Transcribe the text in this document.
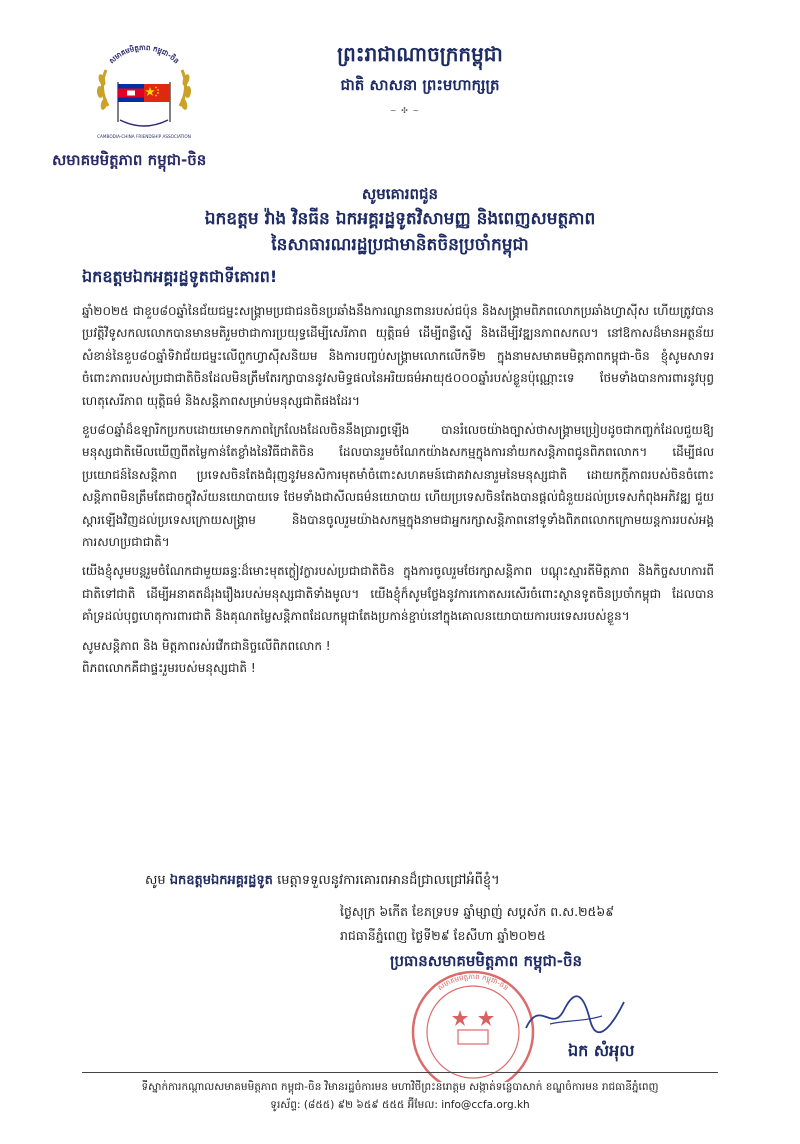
សមាគមមិត្តភាព កម្ពុជា-ចិន
CAMBODIA-CHINA FRIENDSHIP ASSOCIATION
សមាគមមិត្តភាព កម្ពុជា-ចិន
ព្រះរាជាណាចក្រកម្ពុជា
ជាតិ សាសនា ព្រះមហាក្សត្រ
~ ✣ ~
សូមគោរពជូន
ឯកឧត្តម វ៉ាង វិនធីន ឯកអគ្គរដ្ឋទូតវិសាមញ្ញ និងពេញសមត្ថភាព
នៃសាធារណរដ្ឋប្រជាមានិតចិនប្រចាំកម្ពុជា
ឯកឧត្តមឯកអគ្គរដ្ឋទូតជាទីគោរព!

ឆ្នាំ២០២៥ ជាខួប៨០ឆ្នាំនៃជ័យជម្នះសង្គ្រាមប្រជាជនចិនប្រឆាំងនឹងការឈ្លានពានរបស់ជប៉ុន និងសង្គ្រាមពិភពលោកប្រឆាំងហ្វាស៊ីស ហើយត្រូវបានប្រវត្តិវិទូសកលលោកបានមានមតិរួមថាជាការប្រយុទ្ធដើម្បីសេរីភាព យុត្តិធម៌ ដើម្បីពន្លឺស្នើ និងដើម្បីវឌ្ឍនភាពសកល។ នៅឱកាសដ៏មានអត្ថន័យសំខាន់នៃខួប៨០ឆ្នាំទិវាជ័យជម្នះលើពួកហ្វាស៊ីសនិយម និងការបញ្ចប់សង្គ្រាមលោកលើកទី២ ក្នុងនាមសមាគមមិត្តភាពកម្ពុជា-ចិន ខ្ញុំសូមសាទរចំពោះភាពរបស់ប្រជាជាតិចិនដែលមិនត្រឹមតែរក្សាបាននូវសមិទ្ធផលនៃអរិយធម៌អាយុ៥០០០ឆ្នាំរបស់ខ្លួនប៉ុណ្ណោះទេ ថែមទាំងបានការពារនូវបុព្វហេតុសេរីភាព យុត្តិធម៌ និងសន្តិភាពសម្រាប់មនុស្សជាតិផងដែរ។

ខួប៨០ឆ្នាំដ៏ឧឡារិកប្រកបដោយមោទកភាពក្រៃលែងដែលចិននឹងប្រារព្ធឡើង បានរំលេចយ៉ាងច្បាស់ថាសង្គ្រាមប្រៀបដូចជាកញ្ចក់ដែលជួយឱ្យមនុស្សជាតិមើលឃើញពីតម្លៃកាន់តែខ្លាំងនៃវិធីជាតិចិន ដែលបានរួមចំណែកយ៉ាងសកម្មក្នុងការនាំយកសន្តិភាពជូនពិភពលោក។ ដើម្បីផលប្រយោជន៍នៃសន្តិភាព ប្រទេសចិនតែងជំរុញនូវមនសិការមុតមាំចំពោះសហគមន៍ជោគវាសនារួមនៃមនុស្សជាតិ ដោយកក្ដីភាពរបស់ចិនចំពោះសន្តិភាពមិនត្រឹមតែជាចក្ខុវិស័យនយោបាយទេ ថែមទាំងជាសីលធម៌នយោបាយ ហើយប្រទេសចិនតែងបានផ្តល់ជំនួយដល់ប្រទេសកំពុងអភិវឌ្ឍ ជួយស្តារឡើងវិញដល់ប្រទេសក្រោយសង្គ្រាម និងបានចូលរួមយ៉ាងសកម្មក្នុងនាមជាអ្នករក្សាសន្តិភាពនៅទូទាំងពិភពលោកក្រោមយន្តការរបស់អង្គការសហប្រជាជាតិ។

យើងខ្ញុំសូមបន្តរួមចំណែកជាមួយឆន្ទៈដ៏មោះមុតក្លៀវក្លារបស់ប្រជាជាតិចិន ក្នុងការចូលរួមថែរក្សាសន្តិភាព បណ្តុះស្មារតីមិត្តភាព និងកិច្ចសហការពីជាតិទៅជាតិ ដើម្បីអនាគតដ៏រុងរឿងរបស់មនុស្សជាតិទាំងមូល។ យើងខ្ញុំក៏សូមថ្លែងនូវការកោតសរសើរចំពោះស្ថានទូតចិនប្រចាំកម្ពុជា ដែលបានគាំទ្រដល់បុព្វហេតុការពារជាតិ និងគុណតម្លៃសន្តិភាពដែលកម្ពុជាតែងប្រកាន់ខ្ជាប់នៅក្នុងគោលនយោបាយការបរទេសរបស់ខ្លួន។

សូមសន្តិភាព និង មិត្តភាពរស់រវើកជានិច្ចលើពិភពលោក !
ពិភពលោកគឺជាផ្ទះរួមរបស់មនុស្សជាតិ !

សូម ឯកឧត្តមឯកអគ្គរដ្ឋទូត មេត្តាទទួលនូវការគោរពអានដ៏ជ្រាលជ្រៅអំពីខ្ញុំ។
ថ្ងៃសុក្រ ៦កើត ខែភទ្របទ ឆ្នាំម្សាញ់ សប្តស័ក ព.ស.២៥៦៩
រាជធានីភ្នំពេញ ថ្ងៃទី២៩ ខែសីហា ឆ្នាំ២០២៥
សមាគមមិត្តភាព កម្ពុជា-ចិន
ប្រធានសមាគមមិត្តភាព កម្ពុជា-ចិន
ឯក សំអុល
ទីស្នាក់ការកណ្តាលសមាគមមិត្តភាព កម្ពុជា-ចិន វិមានរដ្ឋចំការមន មហាវិថីព្រះនរោត្តម សង្កាត់ទន្លេបាសាក់ ខណ្ឌចំការមន រាជធានីភ្នំពេញ
ទូរស័ព្ទ: (៨៥៥) ៩២ ៦៥៩ ៥៥៥ អ៊ីមែល: info@ccfa.org.kh
